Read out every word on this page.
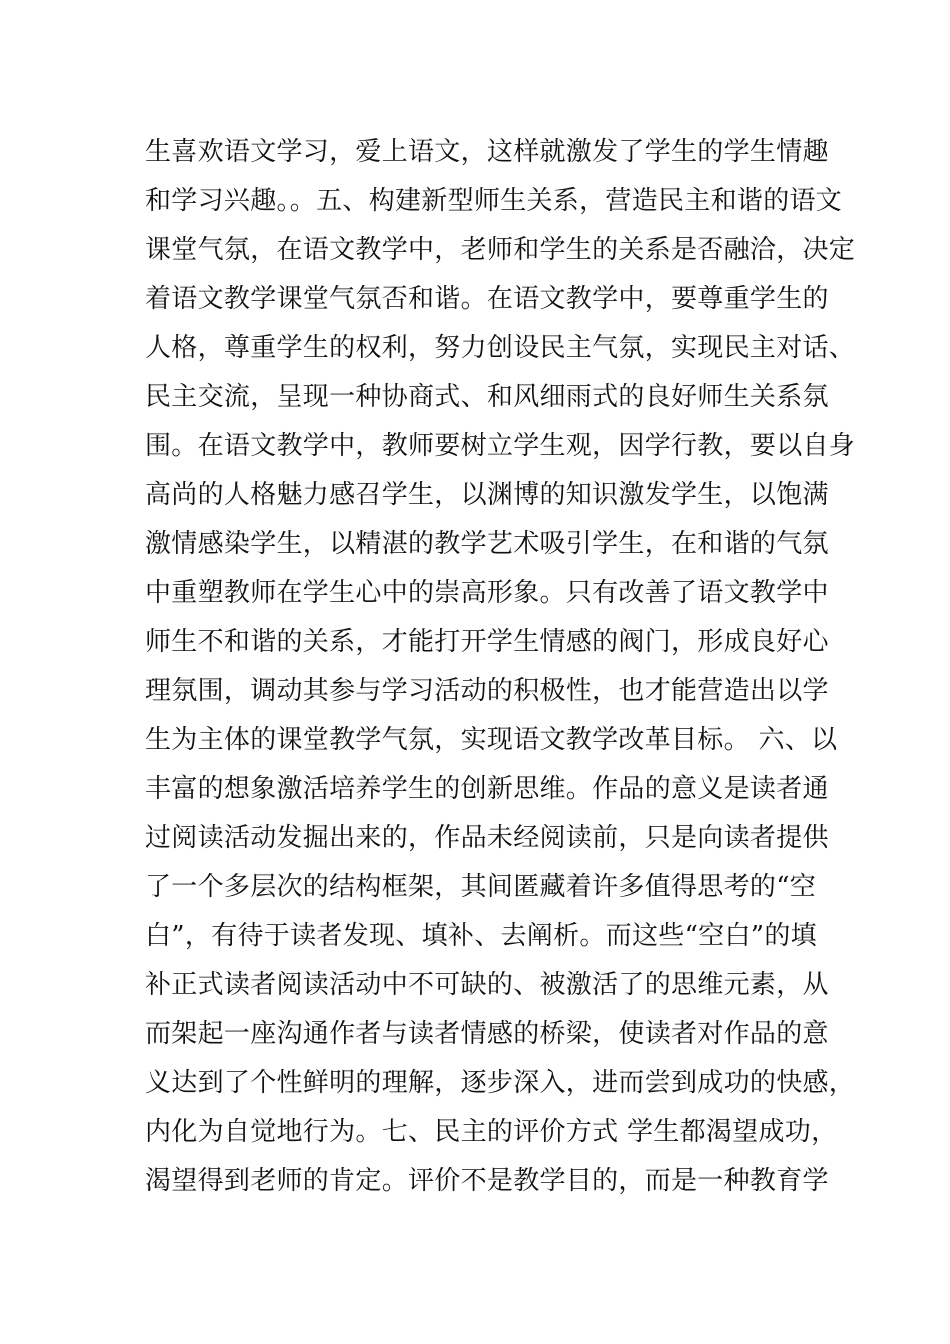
生喜欢语文学习，爱上语文，这样就激发了学生的学生情趣
和学习兴趣。。五、构建新型师生关系，营造民主和谐的语文
课堂气氛，在语文教学中，老师和学生的关系是否融洽，决定
着语文教学课堂气氛否和谐。在语文教学中，要尊重学生的
人格，尊重学生的权利，努力创设民主气氛，实现民主对话、
民主交流，呈现一种协商式、和风细雨式的良好师生关系氛
围。在语文教学中，教师要树立学生观，因学行教，要以自身
高尚的人格魅力感召学生，以渊博的知识激发学生，以饱满
激情感染学生，以精湛的教学艺术吸引学生，在和谐的气氛
中重塑教师在学生心中的崇高形象。只有改善了语文教学中
师生不和谐的关系，才能打开学生情感的阀门，形成良好心
理氛围，调动其参与学习活动的积极性，也才能营造出以学
生为主体的课堂教学气氛，实现语文教学改革目标。 六、以
丰富的想象激活培养学生的创新思维。作品的意义是读者通
过阅读活动发掘出来的，作品未经阅读前，只是向读者提供
了一个多层次的结构框架，其间匿藏着许多值得思考的“空
白”，有待于读者发现、填补、去阐析。而这些“空白”的填
补正式读者阅读活动中不可缺的、被激活了的思维元素，从
而架起一座沟通作者与读者情感的桥梁，使读者对作品的意
义达到了个性鲜明的理解，逐步深入，进而尝到成功的快感，
内化为自觉地行为。七、民主的评价方式 学生都渴望成功，
渴望得到老师的肯定。评价不是教学目的，而是一种教育学
